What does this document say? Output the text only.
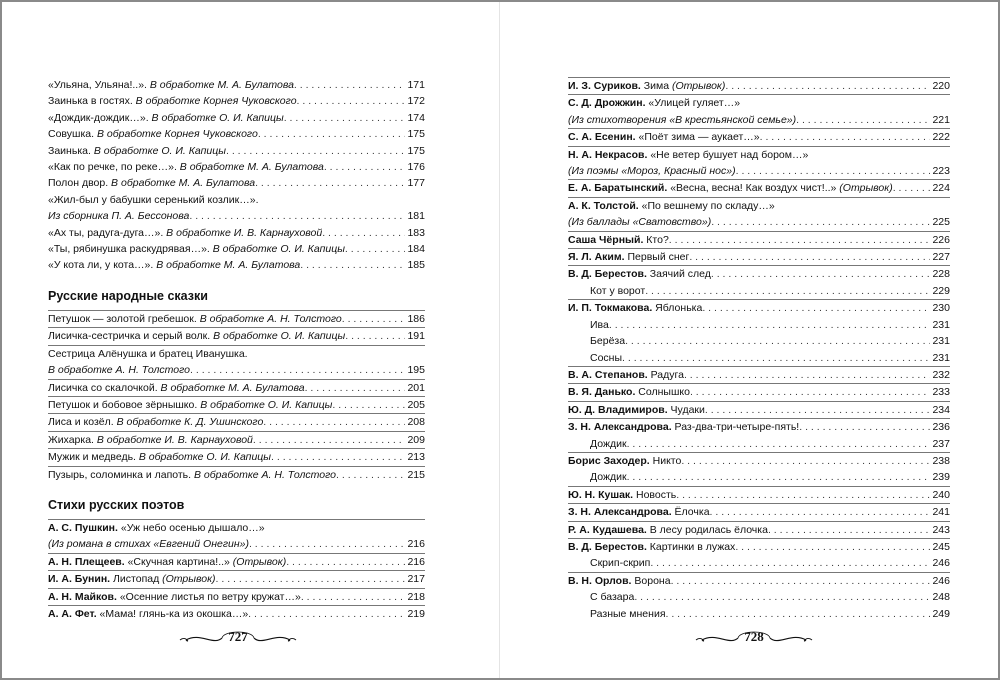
«Ульяна, Ульяна!..». В обработке М. А. Булатова . . .	171
Заинька в гостях. В обработке Корнея Чуковского . . .	172
«Дождик-дождик…». В обработке О. И. Капицы . . .	174
Совушка. В обработке Корнея Чуковского . . .	175
Заинька. В обработке О. И. Капицы . . .	175
«Как по речке, по реке…». В обработке М. А. Булатова . . .	176
Полон двор. В обработке М. А. Булатова . . .	177
«Жил-был у бабушки серенький козлик…».
Из сборника П. А. Бессонова . . .	181
«Ах ты, радуга-дуга…». В обработке И. В. Карнауховой . . .	183
«Ты, рябинушка раскудрявая…». В обработке О. И. Капицы . . .	184
«У кота ли, у кота…». В обработке М. А. Булатова . . .	185
Русские народные сказки
Петушок — золотой гребешок. В обработке А. Н. Толстого . . .	186
Лисичка-сестричка и серый волк. В обработке О. И. Капицы . . .	191
Сестрица Алёнушка и братец Иванушка.
В обработке А. Н. Толстого . . .	195
Лисичка со скалочкой. В обработке М. А. Булатова . . .	201
Петушок и бобовое зёрнышко. В обработке О. И. Капицы . . .	205
Лиса и козёл. В обработке К. Д. Ушинского . . .	208
Жихарка. В обработке И. В. Карнауховой . . .	209
Мужик и медведь. В обработке О. И. Капицы . . .	213
Пузырь, соломинка и лапоть. В обработке А. Н. Толстого . . .	215
Стихи русских поэтов
А. С. Пушкин. «Уж небо осенью дышало…»
(Из романа в стихах «Евгений Онегин») . . .	216
А. Н. Плещеев. «Скучная картина!..» (Отрывок) . . .	216
И. А. Бунин. Листопад (Отрывок) . . .	217
А. Н. Майков. «Осенние листья по ветру кружат…» . . .	218
А. А. Фет. «Мама! глянь-ка из окошка…» . . .	219
727
И. З. Суриков. Зима (Отрывок) . . .	220
С. Д. Дрожжин. «Улицей гуляет…»
(Из стихотворения «В крестьянской семье») . . .	221
С. А. Есенин. «Поёт зима — аукает…» . . .	222
Н. А. Некрасов. «Не ветер бушует над бором…»
(Из поэмы «Мороз, Красный нос») . . .	223
Е. А. Баратынский. «Весна, весна! Как воздух чист!..» (Отрывок) . . .	224
А. К. Толстой. «По вешнему по складу…»
(Из баллады «Сватовство») . . .	225
Саша Чёрный. Кто? . . .	226
Я. Л. Аким. Первый снег . . .	227
В. Д. Берестов. Заячий след . . .	228
Кот у ворот . . .	229
И. П. Токмакова. Яблонька . . .	230
Ива . . .	231
Берёза . . .	231
Сосны . . .	231
В. А. Степанов. Радуга . . .	232
В. Я. Данько. Солнышко . . .	233
Ю. Д. Владимиров. Чудаки . . .	234
З. Н. Александрова. Раз-два-три-четыре-пять! . . .	236
Дождик . . .	237
Борис Заходер. Никто . . .	238
Дождик . . .	239
Ю. Н. Кушак. Новость . . .	240
З. Н. Александрова. Ёлочка . . .	241
Р. А. Кудашева. В лесу родилась ёлочка . . .	243
В. Д. Берестов. Картинки в лужах . . .	245
Скрип-скрип . . .	246
В. Н. Орлов. Ворона . . .	246
С базара . . .	248
Разные мнения . . .	249
728
